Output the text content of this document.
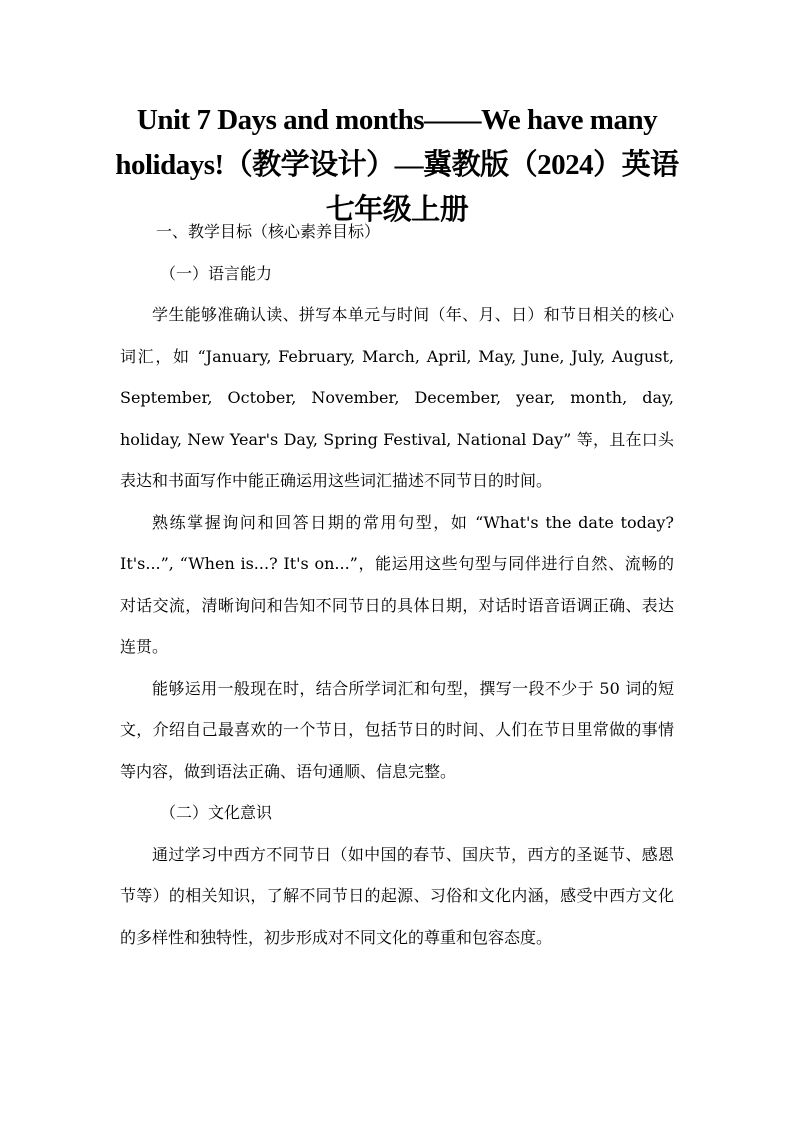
Unit 7 Days and months——We have many holidays!（教学设计）—冀教版（2024）英语七年级上册

一、教学目标（核心素养目标）

（一）语言能力

学生能够准确认读、拼写本单元与时间（年、月、日）和节日相关的核心词汇，如 “January, February, March, April, May, June, July, August, September, October, November, December, year, month, day, holiday, New Year's Day, Spring Festival, National Day” 等，且在口头表达和书面写作中能正确运用这些词汇描述不同节日的时间。

熟练掌握询问和回答日期的常用句型，如 “What's the date today? It's...”, “When is...? It's on...”，能运用这些句型与同伴进行自然、流畅的对话交流，清晰询问和告知不同节日的具体日期，对话时语音语调正确、表达连贯。

能够运用一般现在时，结合所学词汇和句型，撰写一段不少于 50 词的短文，介绍自己最喜欢的一个节日，包括节日的时间、人们在节日里常做的事情等内容，做到语法正确、语句通顺、信息完整。

（二）文化意识

通过学习中西方不同节日（如中国的春节、国庆节，西方的圣诞节、感恩节等）的相关知识，了解不同节日的起源、习俗和文化内涵，感受中西方文化的多样性和独特性，初步形成对不同文化的尊重和包容态度。
